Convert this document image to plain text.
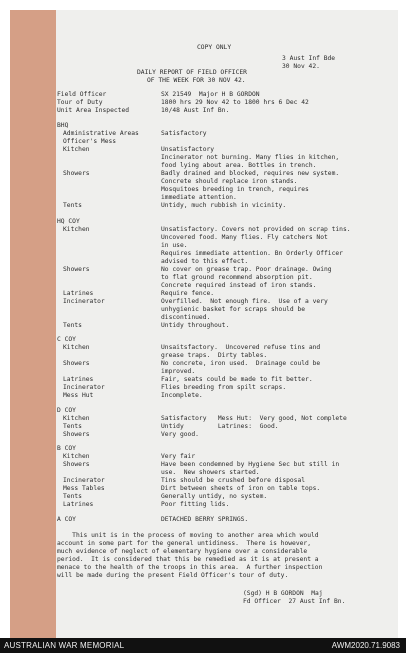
COPY ONLY
3 Aust Inf Bde
30 Nov 42.
DAILY REPORT OF FIELD OFFICER
OF THE WEEK FOR 30 NOV 42.
Field Officer	SX 21549  Major H B GORDON
Tour of Duty	1800 hrs 29 Nov 42 to 1800 hrs 6 Dec 42
Unit Area Inspected	10/48 Aust Inf Bn.
BHQ
Administrative Areas	Satisfactory
Officer's Mess
Kitchen	Unsatisfactory
Incinerator not burning. Many flies in kitchen,
food lying about area. Bottles in trench.
Showers	Badly drained and blocked, requires new system.
Concrete should replace iron stands.
Mosquitoes breeding in trench, requires
immediate attention.
Tents	Untidy, much rubbish in vicinity.
HQ COY
Kitchen	Unsatisfactory. Covers not provided on scrap tins.
Uncovered food. Many flies. Fly catchers Not
in use.
Requires immediate attention. Bn Orderly Officer
advised to this effect.
Showers	No cover on grease trap. Poor drainage. Owing
to flat ground recommend absorption pit.
Concrete required instead of iron stands.
Latrines	Require fence.
Incinerator	Overfilled.  Not enough fire.  Use of a very
unhygienic basket for scraps should be
discontinued.
Tents	Untidy throughout.
C COY
Kitchen	Unsaitsfactory.  Uncovered refuse tins and
grease traps.  Dirty tables.
Showers	No concrete, iron used.  Drainage could be
improved.
Latrines	Fair, seats could be made to fit better.
Incinerator	Flies breeding from spilt scraps.
Mess Hut	Incomplete.
D COY
Kitchen	Satisfactory   Mess Hut:  Very good, Not complete
Tents	Untidy         Latrines:  Good.
Showers	Very good.
B COY
Kitchen	Very fair
Showers	Have been condemned by Hygiene Sec but still in
use.  New showers started.
Incinerator	Tins should be crushed before disposal
Mess Tables	Dirt between sheets of iron on table tops.
Tents	Generally untidy, no system.
Latrines	Poor fitting lids.
A COY	DETACHED BERRY SPRINGS.
This unit is in the process of moving to another area which would
account in some part for the general untidiness.  There is however,
much evidence of neglect of elementary hygiene over a considerable
period.  It is considered that this be remedied as it is at present a
menace to the health of the troops in this area.  A further inspection
will be made during the present Field Officer's tour of duty.
(Sgd) H B GORDON  Maj
Fd Officer  27 Aust Inf Bn.
AUSTRALIAN WAR MEMORIAL	AWM2020.71.9083
